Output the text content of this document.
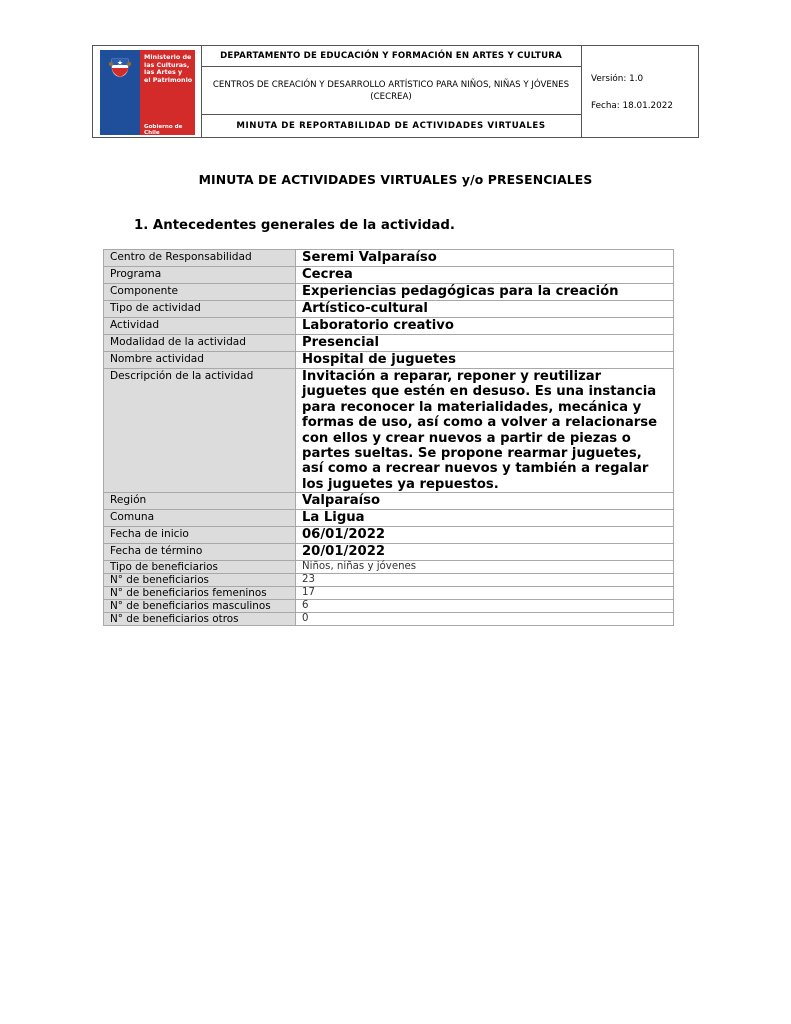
Ministerio de
las Culturas,
las Artes y
el Patrimonio
Gobierno de Chile
DEPARTAMENTO DE EDUCACIÓN Y FORMACIÓN EN ARTES Y CULTURA
CENTROS DE CREACIÓN Y DESARROLLO ARTÍSTICO PARA NIÑOS, NIÑAS Y JÓVENES (CECREA)
MINUTA DE REPORTABILIDAD DE ACTIVIDADES VIRTUALES
Versión: 1.0
Fecha: 18.01.2022
MINUTA DE ACTIVIDADES VIRTUALES y/o PRESENCIALES
1. Antecedentes generales de la actividad.
Centro de Responsabilidad	Seremi Valparaíso
Programa	Cecrea
Componente	Experiencias pedagógicas para la creación
Tipo de actividad	Artístico-cultural
Actividad	Laboratorio creativo
Modalidad de la actividad	Presencial
Nombre actividad	Hospital de juguetes
Descripción de la actividad	Invitación a reparar, reponer y reutilizar juguetes que estén en desuso. Es una instancia para reconocer la materialidades, mecánica y formas de uso, así como a volver a relacionarse con ellos y crear nuevos a partir de piezas o partes sueltas. Se propone rearmar juguetes, así como a recrear nuevos y también a regalar los juguetes ya repuestos.
Región	Valparaíso
Comuna	La Ligua
Fecha de inicio	06/01/2022
Fecha de término	20/01/2022
Tipo de beneficiarios	Niños, niñas y jóvenes
N° de beneficiarios	23
N° de beneficiarios femeninos	17
N° de beneficiarios masculinos	6
N° de beneficiarios otros	0
